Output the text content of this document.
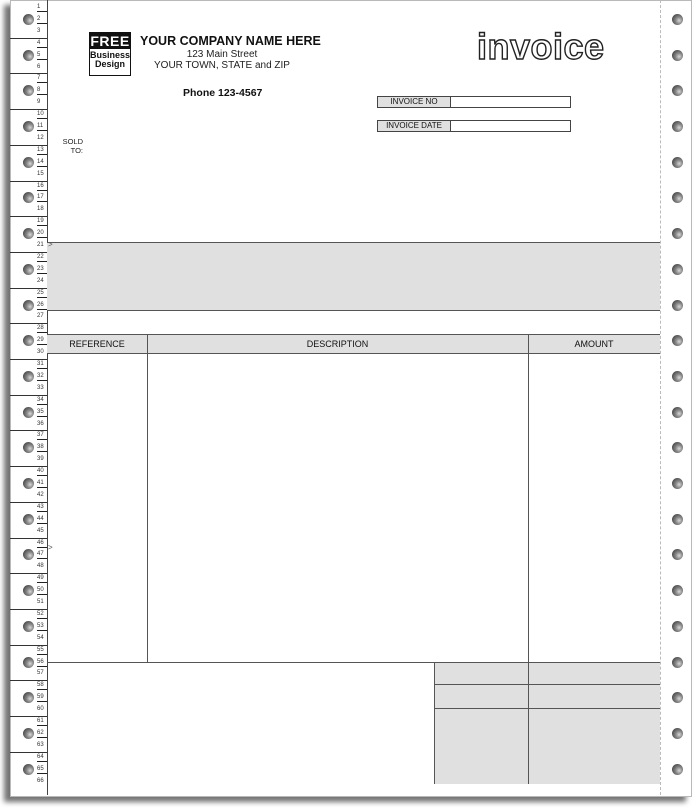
1
2
3
4
5
6
7
8
9
10
11
12
13
14
15
16
17
18
19
20
21
22
23
24
25
26
27
28
29
30
31
32
33
34
35
36
37
38
39
40
41
42
43
44
45
46
47
48
49
50
51
52
53
54
55
56
57
58
59
60
61
62
63
64
65
66
FREE
Business
Design
YOUR COMPANY NAME HERE
123 Main Street
YOUR TOWN, STATE and ZIP
Phone 123-4567
invoice
INVOICE NO
INVOICE DATE
SOLD
TO:
>
>
REFERENCE	DESCRIPTION	AMOUNT
